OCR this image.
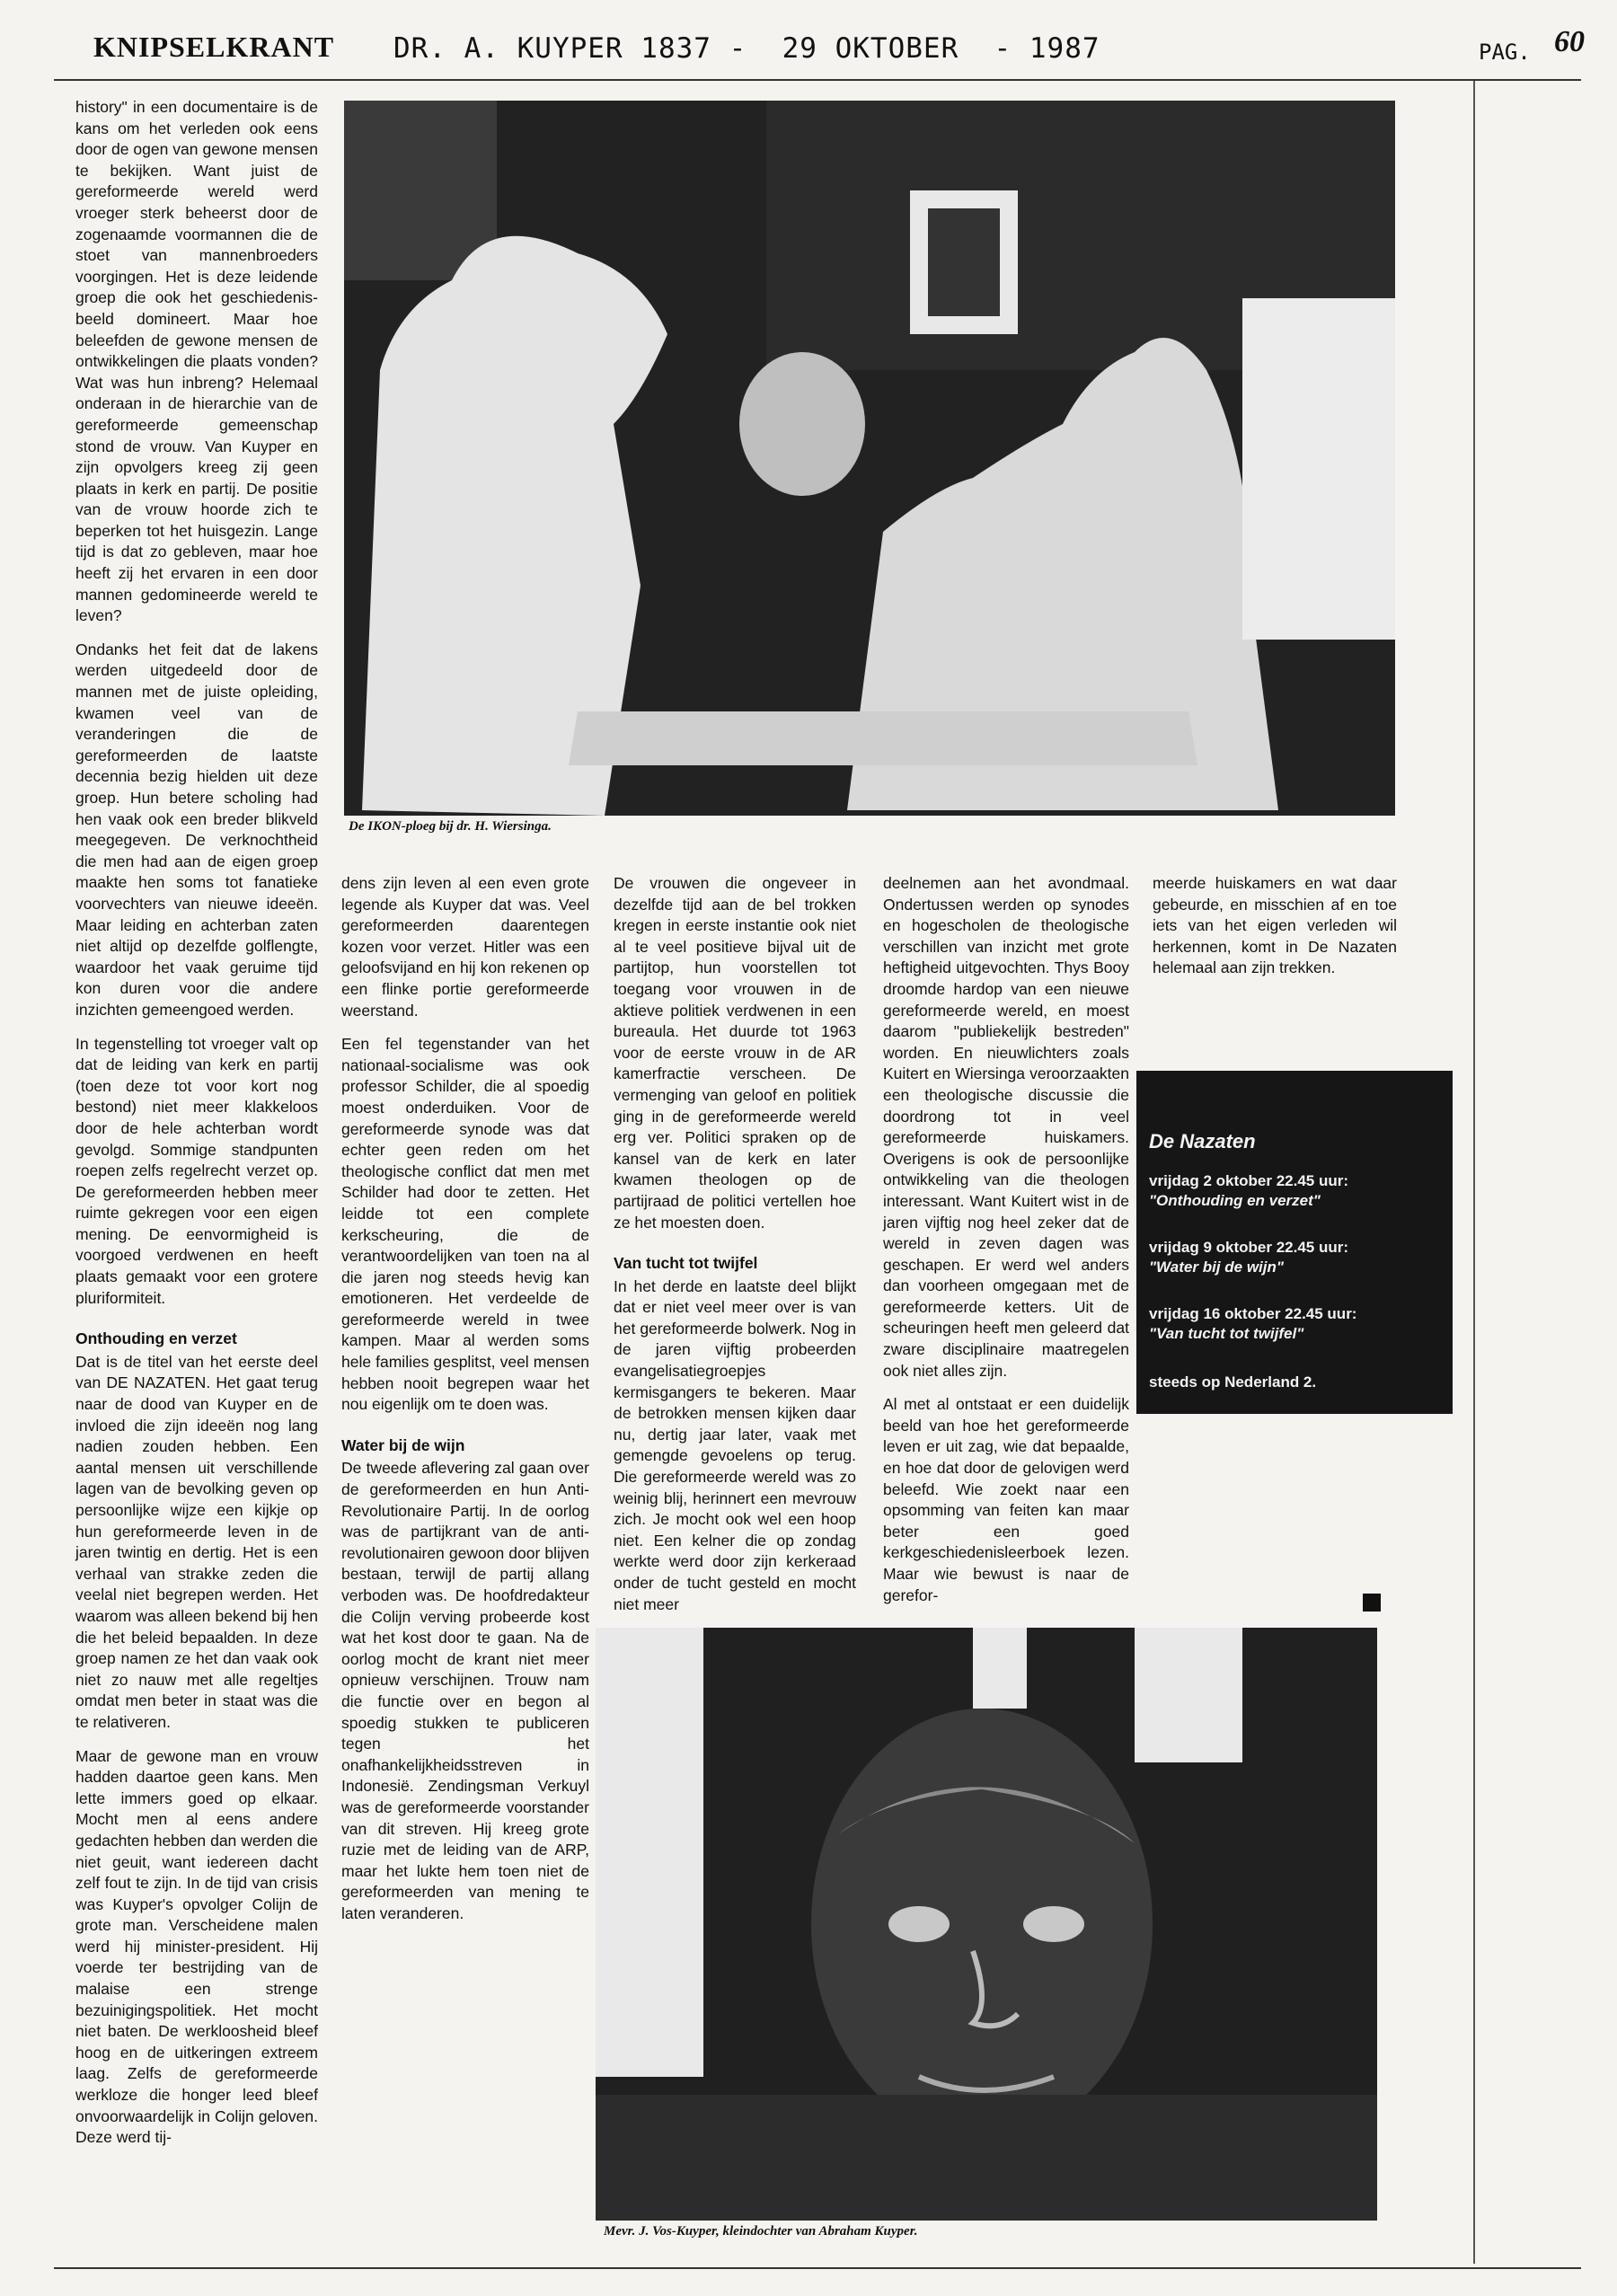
KNIPSELKRANT DR. A. KUYPER 1837 -  29 OKTOBER  - 1987	PAG. 60

history" in een documentaire is de kans om het verleden ook eens door de ogen van gewone mensen te bekijken. Want juist de gereformeerde wereld werd vroeger sterk beheerst door de zogenaamde voormannen die de stoet van mannenbroeders voorgingen. Het is deze leidende groep die ook het geschiedenis-beeld domineert. Maar hoe beleefden de gewone mensen de ontwikkelingen die plaats vonden? Wat was hun inbreng? Helemaal onderaan in de hierarchie van de gereformeerde gemeenschap stond de vrouw. Van Kuyper en zijn opvolgers kreeg zij geen plaats in kerk en partij. De positie van de vrouw hoorde zich te beperken tot het huisgezin. Lange tijd is dat zo gebleven, maar hoe heeft zij het ervaren in een door mannen gedomineerde wereld te leven?

Ondanks het feit dat de lakens werden uitgedeeld door de mannen met de juiste opleiding, kwamen veel van de veranderingen die de gereformeerden de laatste decennia bezig hielden uit deze groep. Hun betere scholing had hen vaak ook een breder blikveld meegegeven. De verknochtheid die men had aan de eigen groep maakte hen soms tot fanatieke voorvechters van nieuwe ideeën. Maar leiding en achterban zaten niet altijd op dezelfde golflengte, waardoor het vaak geruime tijd kon duren voor die andere inzichten gemeengoed werden.

In tegenstelling tot vroeger valt op dat de leiding van kerk en partij (toen deze tot voor kort nog bestond) niet meer klakkeloos door de hele achterban wordt gevolgd. Sommige standpunten roepen zelfs regelrecht verzet op. De gereformeerden hebben meer ruimte gekregen voor een eigen mening. De eenvormigheid is voorgoed verdwenen en heeft plaats gemaakt voor een grotere pluriformiteit.

Onthouding en verzet

Dat is de titel van het eerste deel van DE NAZATEN. Het gaat terug naar de dood van Kuyper en de invloed die zijn ideeën nog lang nadien zouden hebben. Een aantal mensen uit verschillende lagen van de bevolking geven op persoonlijke wijze een kijkje op hun gereformeerde leven in de jaren twintig en dertig. Het is een verhaal van strakke zeden die veelal niet begrepen werden. Het waarom was alleen bekend bij hen die het beleid bepaalden. In deze groep namen ze het dan vaak ook niet zo nauw met alle regeltjes omdat men beter in staat was die te relativeren.

Maar de gewone man en vrouw hadden daartoe geen kans. Men lette immers goed op elkaar. Mocht men al eens andere gedachten hebben dan werden die niet geuit, want iedereen dacht zelf fout te zijn. In de tijd van crisis was Kuyper's opvolger Colijn de grote man. Verscheidene malen werd hij minister-president. Hij voerde ter bestrijding van de malaise een strenge bezuinigingspolitiek. Het mocht niet baten. De werkloosheid bleef hoog en de uitkeringen extreem laag. Zelfs de gereformeerde werkloze die honger leed bleef onvoorwaardelijk in Colijn geloven. Deze werd tij-

De IKON-ploeg bij dr. H. Wiersinga.

dens zijn leven al een even grote legende als Kuyper dat was. Veel gereformeerden daarentegen kozen voor verzet. Hitler was een geloofsvijand en hij kon rekenen op een flinke portie gereformeerde weerstand.

Een fel tegenstander van het nationaal-socialisme was ook professor Schilder, die al spoedig moest onderduiken. Voor de gereformeerde synode was dat echter geen reden om het theologische conflict dat men met Schilder had door te zetten. Het leidde tot een complete kerkscheuring, die de verantwoordelijken van toen na al die jaren nog steeds hevig kan emotioneren. Het verdeelde de gereformeerde wereld in twee kampen. Maar al werden soms hele families gesplitst, veel mensen hebben nooit begrepen waar het nou eigenlijk om te doen was.

Water bij de wijn

De tweede aflevering zal gaan over de gereformeerden en hun Anti-Revolutionaire Partij. In de oorlog was de partijkrant van de anti-revolutionairen gewoon door blijven bestaan, terwijl de partij allang verboden was. De hoofdredakteur die Colijn verving probeerde kost wat het kost door te gaan. Na de oorlog mocht de krant niet meer opnieuw verschijnen. Trouw nam die functie over en begon al spoedig stukken te publiceren tegen het onafhankelijkheidsstreven in Indonesië. Zendingsman Verkuyl was de gereformeerde voorstander van dit streven. Hij kreeg grote ruzie met de leiding van de ARP, maar het lukte hem toen niet de gereformeerden van mening te laten veranderen.

De vrouwen die ongeveer in dezelfde tijd aan de bel trokken kregen in eerste instantie ook niet al te veel positieve bijval uit de partijtop, hun voorstellen tot toegang voor vrouwen in de aktieve politiek verdwenen in een bureaula. Het duurde tot 1963 voor de eerste vrouw in de AR kamerfractie verscheen. De vermenging van geloof en politiek ging in de gereformeerde wereld erg ver. Politici spraken op de kansel van de kerk en later kwamen theologen op de partijraad de politici vertellen hoe ze het moesten doen.

Van tucht tot twijfel

In het derde en laatste deel blijkt dat er niet veel meer over is van het gereformeerde bolwerk. Nog in de jaren vijftig probeerden evangelisatiegroepjes kermisgangers te bekeren. Maar de betrokken mensen kijken daar nu, dertig jaar later, vaak met gemengde gevoelens op terug. Die gereformeerde wereld was zo weinig blij, herinnert een mevrouw zich. Je mocht ook wel een hoop niet. Een kelner die op zondag werkte werd door zijn kerkeraad onder de tucht gesteld en mocht niet meer

deelnemen aan het avondmaal. Ondertussen werden op synodes en hogescholen de theologische verschillen van inzicht met grote heftigheid uitgevochten. Thys Booy droomde hardop van een nieuwe gereformeerde wereld, en moest daarom "publiekelijk bestreden" worden. En nieuwlichters zoals Kuitert en Wiersinga veroorzaakten een theologische discussie die doordrong tot in veel gereformeerde huiskamers. Overigens is ook de persoonlijke ontwikkeling van die theologen interessant. Want Kuitert wist in de jaren vijftig nog heel zeker dat de wereld in zeven dagen was geschapen. Er werd wel anders dan voorheen omgegaan met de gereformeerde ketters. Uit de scheuringen heeft men geleerd dat zware disciplinaire maatregelen ook niet alles zijn.

Al met al ontstaat er een duidelijk beeld van hoe het gereformeerde leven er uit zag, wie dat bepaalde, en hoe dat door de gelovigen werd beleefd. Wie zoekt naar een opsomming van feiten kan maar beter een goed kerkgeschiedenisleerboek lezen. Maar wie bewust is naar de gerefor-

meerde huiskamers en wat daar gebeurde, en misschien af en toe iets van het eigen verleden wil herkennen, komt in De Nazaten helemaal aan zijn trekken.

De Nazaten
vrijdag 2 oktober 22.45 uur:
"Onthouding en verzet"
vrijdag 9 oktober 22.45 uur:
"Water bij de wijn"
vrijdag 16 oktober 22.45 uur:
"Van tucht tot twijfel"
steeds op Nederland 2.
Mevr. J. Vos-Kuyper, kleindochter van Abraham Kuyper.
